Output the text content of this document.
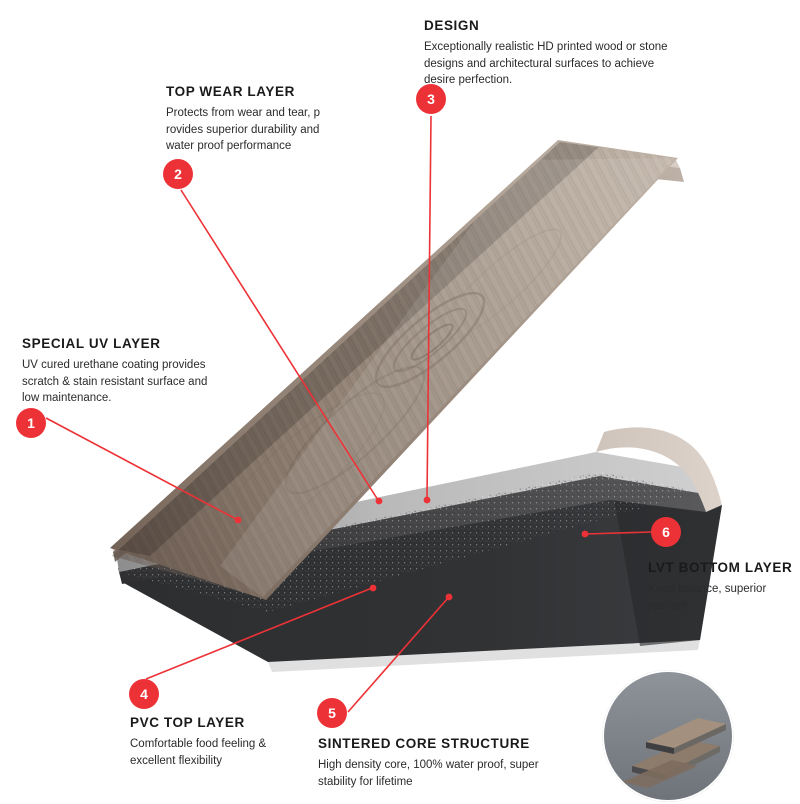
1
2
3
4
5
6

SPECIAL UV LAYER

UV cured urethane coating provides scratch & stain resistant surface and low maintenance.

TOP WEAR LAYER

Protects from wear and tear, p rovides superior durability and water proof performance

DESIGN

Exceptionally realistic HD printed wood or stone designs and architectural surfaces to achieve desire perfection.

PVC TOP LAYER

Comfortable food feeling & excellent flexibility

SINTERED CORE STRUCTURE

High density core, 100% water proof, super stability for lifetime

LVT BOTTOM LAYER

Keep balance, superior resilient
